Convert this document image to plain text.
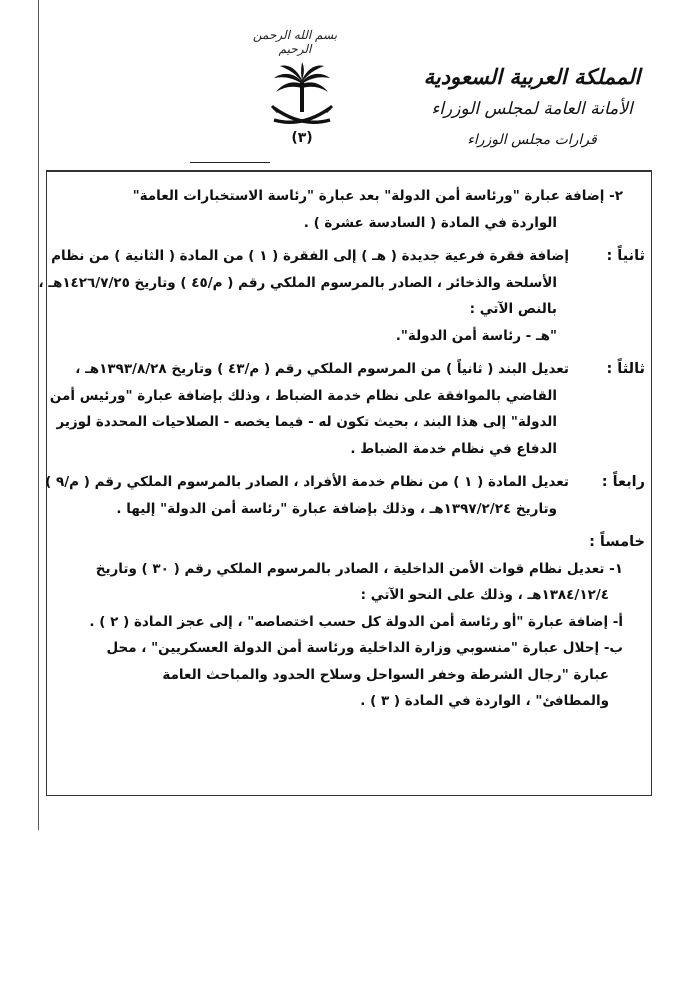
بسم الله الرحمن الرحيم
(٣)
المملكة العربية السعودية
الأمانة العامة لمجلس الوزراء
قرارات مجلس الوزراء
٢- إضافة عبارة "ورئاسة أمن الدولة" بعد عبارة "رئاسة الاستخبارات العامة"
الواردة في المادة ( السادسة عشرة ) .
ثانياً :إضافة فقرة فرعية جديدة ( هـ ) إلى الفقرة ( ١ ) من المادة ( الثانية ) من نظام
الأسلحة والذخائر ، الصادر بالمرسوم الملكي رقم ( م/٤٥ ) وتاريخ ١٤٢٦/٧/٢٥هـ ،
بالنص الآتي :
"هـ - رئاسة أمن الدولة".
ثالثاً :تعديل البند ( ثانياً ) من المرسوم الملكي رقم ( م/٤٣ ) وتاريخ ١٣٩٣/٨/٢٨هـ ،
القاضي بالموافقة على نظام خدمة الضباط ، وذلك بإضافة عبارة "ورئيس أمن
الدولة" إلى هذا البند ، بحيث تكون له - فيما يخصه - الصلاحيات المحددة لوزير
الدفاع في نظام خدمة الضباط .
رابعاً :تعديل المادة ( ١ ) من نظام خدمة الأفراد ، الصادر بالمرسوم الملكي رقم ( م/٩ )
وتاريخ ١٣٩٧/٢/٢٤هـ ، وذلك بإضافة عبارة "رئاسة أمن الدولة" إليها .
خامساً :
١- تعديل نظام قوات الأمن الداخلية ، الصادر بالمرسوم الملكي رقم ( ٣٠ ) وتاريخ
١٣٨٤/١٢/٤هـ ، وذلك على النحو الآتي :
أ- إضافة عبارة "أو رئاسة أمن الدولة كل حسب اختصاصه" ، إلى عجز المادة ( ٢ ) .
ب- إحلال عبارة "منسوبي وزارة الداخلية ورئاسة أمن الدولة العسكريين" ، محل
عبارة "رجال الشرطة وخفر السواحل وسلاح الحدود والمباحث العامة
والمطافئ" ، الواردة في المادة ( ٣ ) .
